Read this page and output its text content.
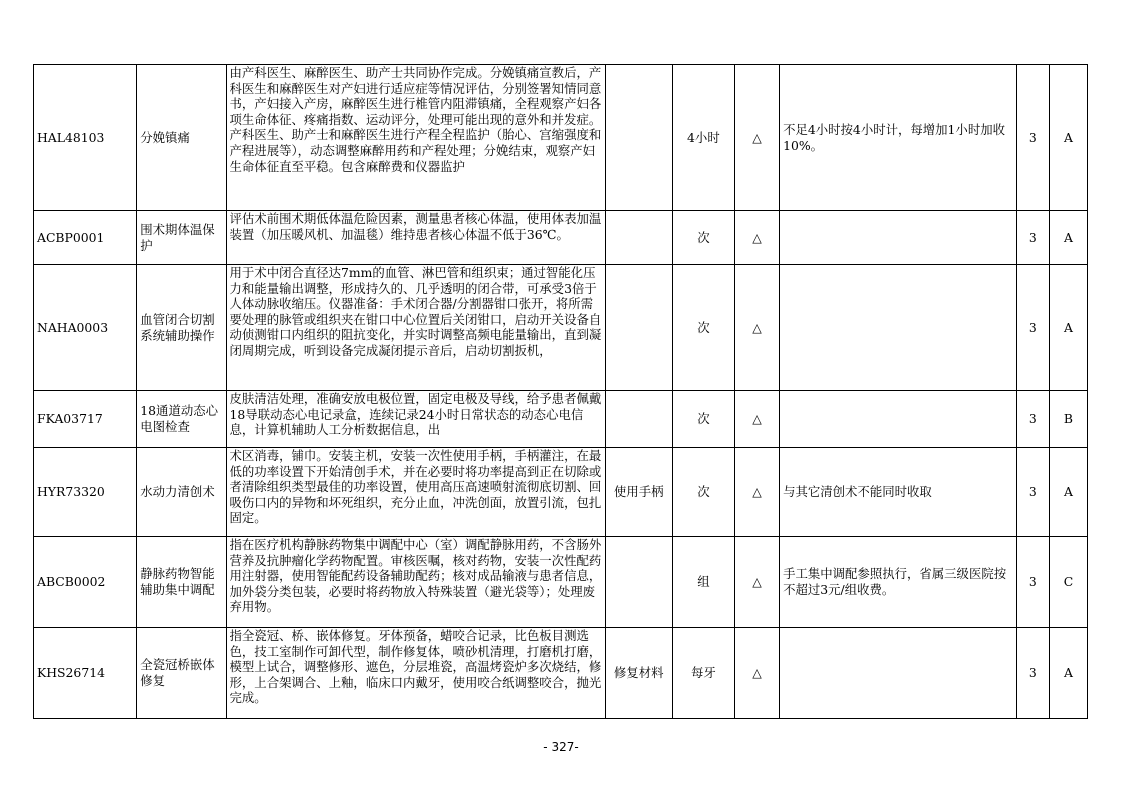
HAL48103	分娩镇痛	由产科医生、麻醉医生、助产士共同协作完成。分娩镇痛宣教后，产科医生和麻醉医生对产妇进行适应症等情况评估，分别签署知情同意书，产妇接入产房，麻醉医生进行椎管内阻滞镇痛，全程观察产妇各项生命体征、疼痛指数、运动评分，处理可能出现的意外和并发症。产科医生、助产士和麻醉医生进行产程全程监护（胎心、宫缩强度和产程进展等），动态调整麻醉用药和产程处理；分娩结束，观察产妇生命体征直至平稳。包含麻醉费和仪器监护		4小时	△	不足4小时按4小时计，每增加1小时加收10%。	3	A
ACBP0001	围术期体温保护	评估术前围术期低体温危险因素，测量患者核心体温，使用体表加温装置（加压暖风机、加温毯）维持患者核心体温不低于36℃。		次	△		3	A
NAHA0003	血管闭合切割系统辅助操作	用于术中闭合直径达7mm的血管、淋巴管和组织束；通过智能化压力和能量输出调整，形成持久的、几乎透明的闭合带，可承受3倍于人体动脉收缩压。仪器准备：手术闭合器/分割器钳口张开，将所需要处理的脉管或组织夹在钳口中心位置后关闭钳口，启动开关设备自动侦测钳口内组织的阻抗变化，并实时调整高频电能量输出，直到凝闭周期完成，听到设备完成凝闭提示音后，启动切割扳机，		次	△		3	A
FKA03717	18通道动态心电图检查	皮肤清洁处理，准确安放电极位置，固定电极及导线，给予患者佩戴18导联动态心电记录盒，连续记录24小时日常状态的动态心电信息，计算机辅助人工分析数据信息，出		次	△		3	B
HYR73320	水动力清创术	术区消毒，铺巾。安装主机，安装一次性使用手柄，手柄灌注，在最低的功率设置下开始清创手术，并在必要时将功率提高到正在切除或者清除组织类型最佳的功率设置，使用高压高速喷射流彻底切割、回吸伤口内的异物和坏死组织，充分止血，冲洗创面，放置引流，包扎固定。	使用手柄	次	△	与其它清创术不能同时收取	3	A
ABCB0002	静脉药物智能辅助集中调配	指在医疗机构静脉药物集中调配中心（室）调配静脉用药，不含肠外营养及抗肿瘤化学药物配置。审核医嘱，核对药物，安装一次性配药用注射器，使用智能配药设备辅助配药；核对成品输液与患者信息，加外袋分类包装，必要时将药物放入特殊装置（避光袋等）；处理废弃用物。		组	△	手工集中调配参照执行，省属三级医院按不超过3元/组收费。	3	C
KHS26714	全瓷冠桥嵌体修复	指全瓷冠、桥、嵌体修复。牙体预备，蜡咬合记录，比色板目测选色，技工室制作可卸代型，制作修复体，喷砂机清理，打磨机打磨，模型上试合，调整修形、遮色，分层堆瓷，高温烤瓷炉多次烧结，修形，上合架调合、上釉，临床口内戴牙，使用咬合纸调整咬合，抛光完成。	修复材料	每牙	△		3	A
- 327-
